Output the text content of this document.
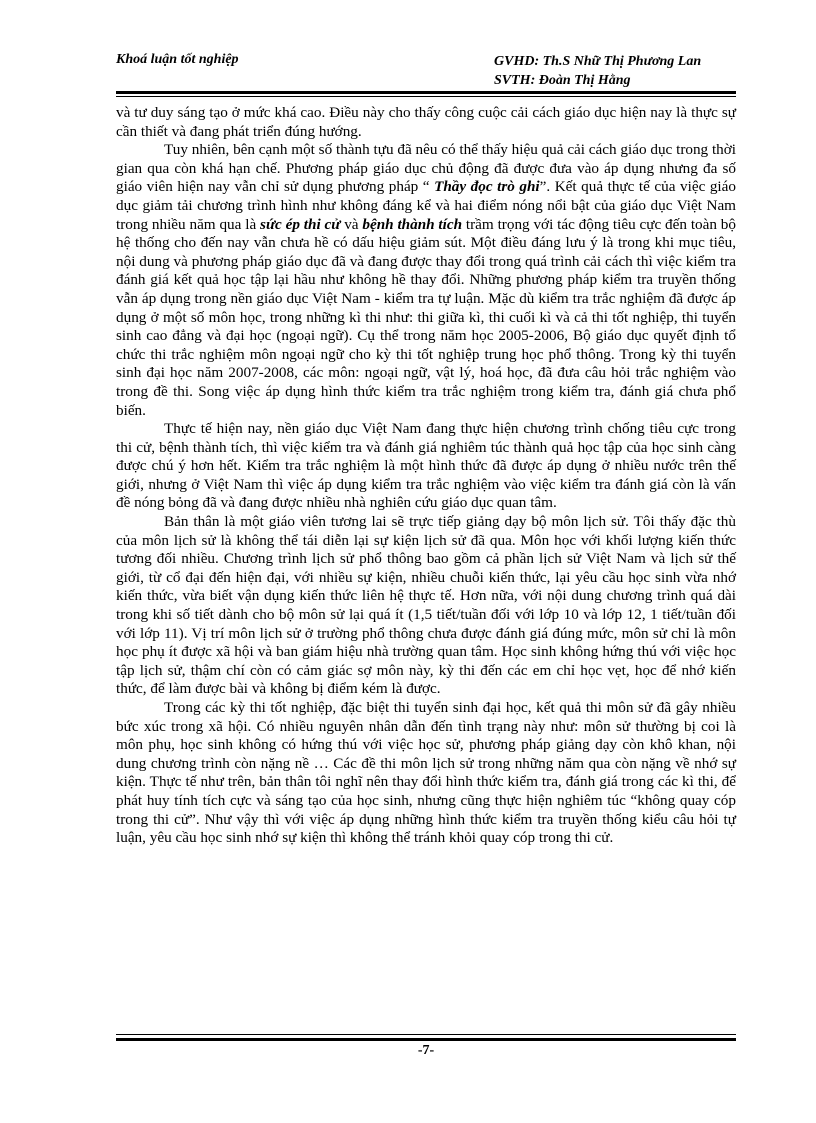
Khoá luận tốt nghiệp	GVHD: Th.S Nhữ Thị Phương Lan
SVTH: Đoàn Thị Hằng

và tư duy sáng tạo ở mức khá cao. Điều này cho thấy công cuộc cải cách giáo dục hiện nay là thực sự cần thiết và đang phát triển đúng hướng.

Tuy nhiên, bên cạnh một số thành tựu đã nêu có thể thấy hiệu quả cải cách giáo dục trong thời gian qua còn khá hạn chế. Phương pháp giáo dục chủ động đã được đưa vào áp dụng nhưng đa số giáo viên hiện nay vẫn chỉ sử dụng phương pháp “ Thầy đọc trò ghi”. Kết quả thực tế của việc giáo dục giảm tải chương trình hình như không đáng kể và hai điểm nóng nổi bật của giáo dục Việt Nam trong nhiều năm qua là sức ép thi cử và bệnh thành tích trầm trọng với tác động tiêu cực đến toàn bộ hệ thống cho đến nay vẫn chưa hề có dấu hiệu giảm sút. Một điều đáng lưu ý là trong khi mục tiêu, nội dung và phương pháp giáo dục đã và đang được thay đổi trong quá trình cải cách thì việc kiểm tra đánh giá kết quả học tập lại hầu như không hề thay đổi. Những phương pháp kiểm tra truyền thống vẫn áp dụng trong nền giáo dục Việt Nam - kiểm tra tự luận. Mặc dù kiểm tra trắc nghiệm đã được áp dụng ở một số môn học, trong những kì thi như: thi giữa kì, thi cuối kì và cả thi tốt nghiệp, thi tuyển sinh cao đẳng và đại học (ngoại ngữ). Cụ thể trong năm học 2005-2006, Bộ giáo dục quyết định tổ chức thi trắc nghiệm môn ngoại ngữ cho kỳ thi tốt nghiệp trung học phổ thông. Trong kỳ thi tuyển sinh đại học năm 2007-2008, các môn: ngoại ngữ, vật lý, hoá học, đã đưa câu hỏi trắc nghiệm vào trong đề thi. Song việc áp dụng hình thức kiểm tra trắc nghiệm trong kiểm tra, đánh giá chưa phổ biến.

Thực tế hiện nay, nền giáo dục Việt Nam đang thực hiện chương trình chống tiêu cực trong thi cử, bệnh thành tích, thì việc kiểm tra và đánh giá nghiêm túc thành quả học tập của học sinh càng được chú ý hơn hết. Kiểm tra trắc nghiệm là một hình thức đã được áp dụng ở nhiều nước trên thế giới, nhưng ở Việt Nam thì việc áp dụng kiểm tra trắc nghiệm vào việc kiểm tra đánh giá còn là vấn đề nóng bỏng đã và đang được nhiều nhà nghiên cứu giáo dục quan tâm.

Bản thân là một giáo viên tương lai sẽ trực tiếp giảng dạy bộ môn lịch sử. Tôi thấy đặc thù của môn lịch sử là không thể tái diễn lại sự kiện lịch sử đã qua. Môn học với khối lượng kiến thức tương đối nhiều. Chương trình lịch sử phổ thông bao gồm cả phần lịch sử Việt Nam và lịch sử thế giới, từ cổ đại đến hiện đại, với nhiều sự kiện, nhiều chuỗi kiến thức, lại yêu cầu học sinh vừa nhớ kiến thức, vừa biết vận dụng kiến thức liên hệ thực tế. Hơn nữa, với nội dung chương trình quá dài trong khi số tiết dành cho bộ môn sử lại quá ít (1,5 tiết/tuần đối với lớp 10 và lớp 12, 1 tiết/tuần đối với lớp 11). Vị trí môn lịch sử ở trường phổ thông chưa được đánh giá đúng mức, môn sử chỉ là môn học phụ ít được xã hội và ban giám hiệu nhà trường quan tâm. Học sinh không hứng thú với việc học tập lịch sử, thậm chí còn có cảm giác sợ môn này, kỳ thi đến các em chỉ học vẹt, học để nhớ kiến thức, để làm được bài và không bị điểm kém là được.

Trong các kỳ thi tốt nghiệp, đặc biệt thi tuyển sinh đại học, kết quả thi môn sử đã gây nhiều bức xúc trong xã hội. Có nhiều nguyên nhân dẫn đến tình trạng này như: môn sử thường bị coi là môn phụ, học sinh không có hứng thú với việc học sử, phương pháp giảng dạy còn khô khan, nội dung chương trình còn nặng nề … Các đề thi môn lịch sử trong những năm qua còn nặng về nhớ sự kiện. Thực tế như trên, bản thân tôi nghĩ nên thay đổi hình thức kiểm tra, đánh giá trong các kì thi, để phát huy tính tích cực và sáng tạo của học sinh, nhưng cũng thực hiện nghiêm túc “không quay cóp trong thi cử”. Như vậy thì với việc áp dụng những hình thức kiểm tra truyền thống kiểu câu hỏi tự luận, yêu cầu học sinh nhớ sự kiện thì không thể tránh khỏi quay cóp trong thi cử.

-7-
